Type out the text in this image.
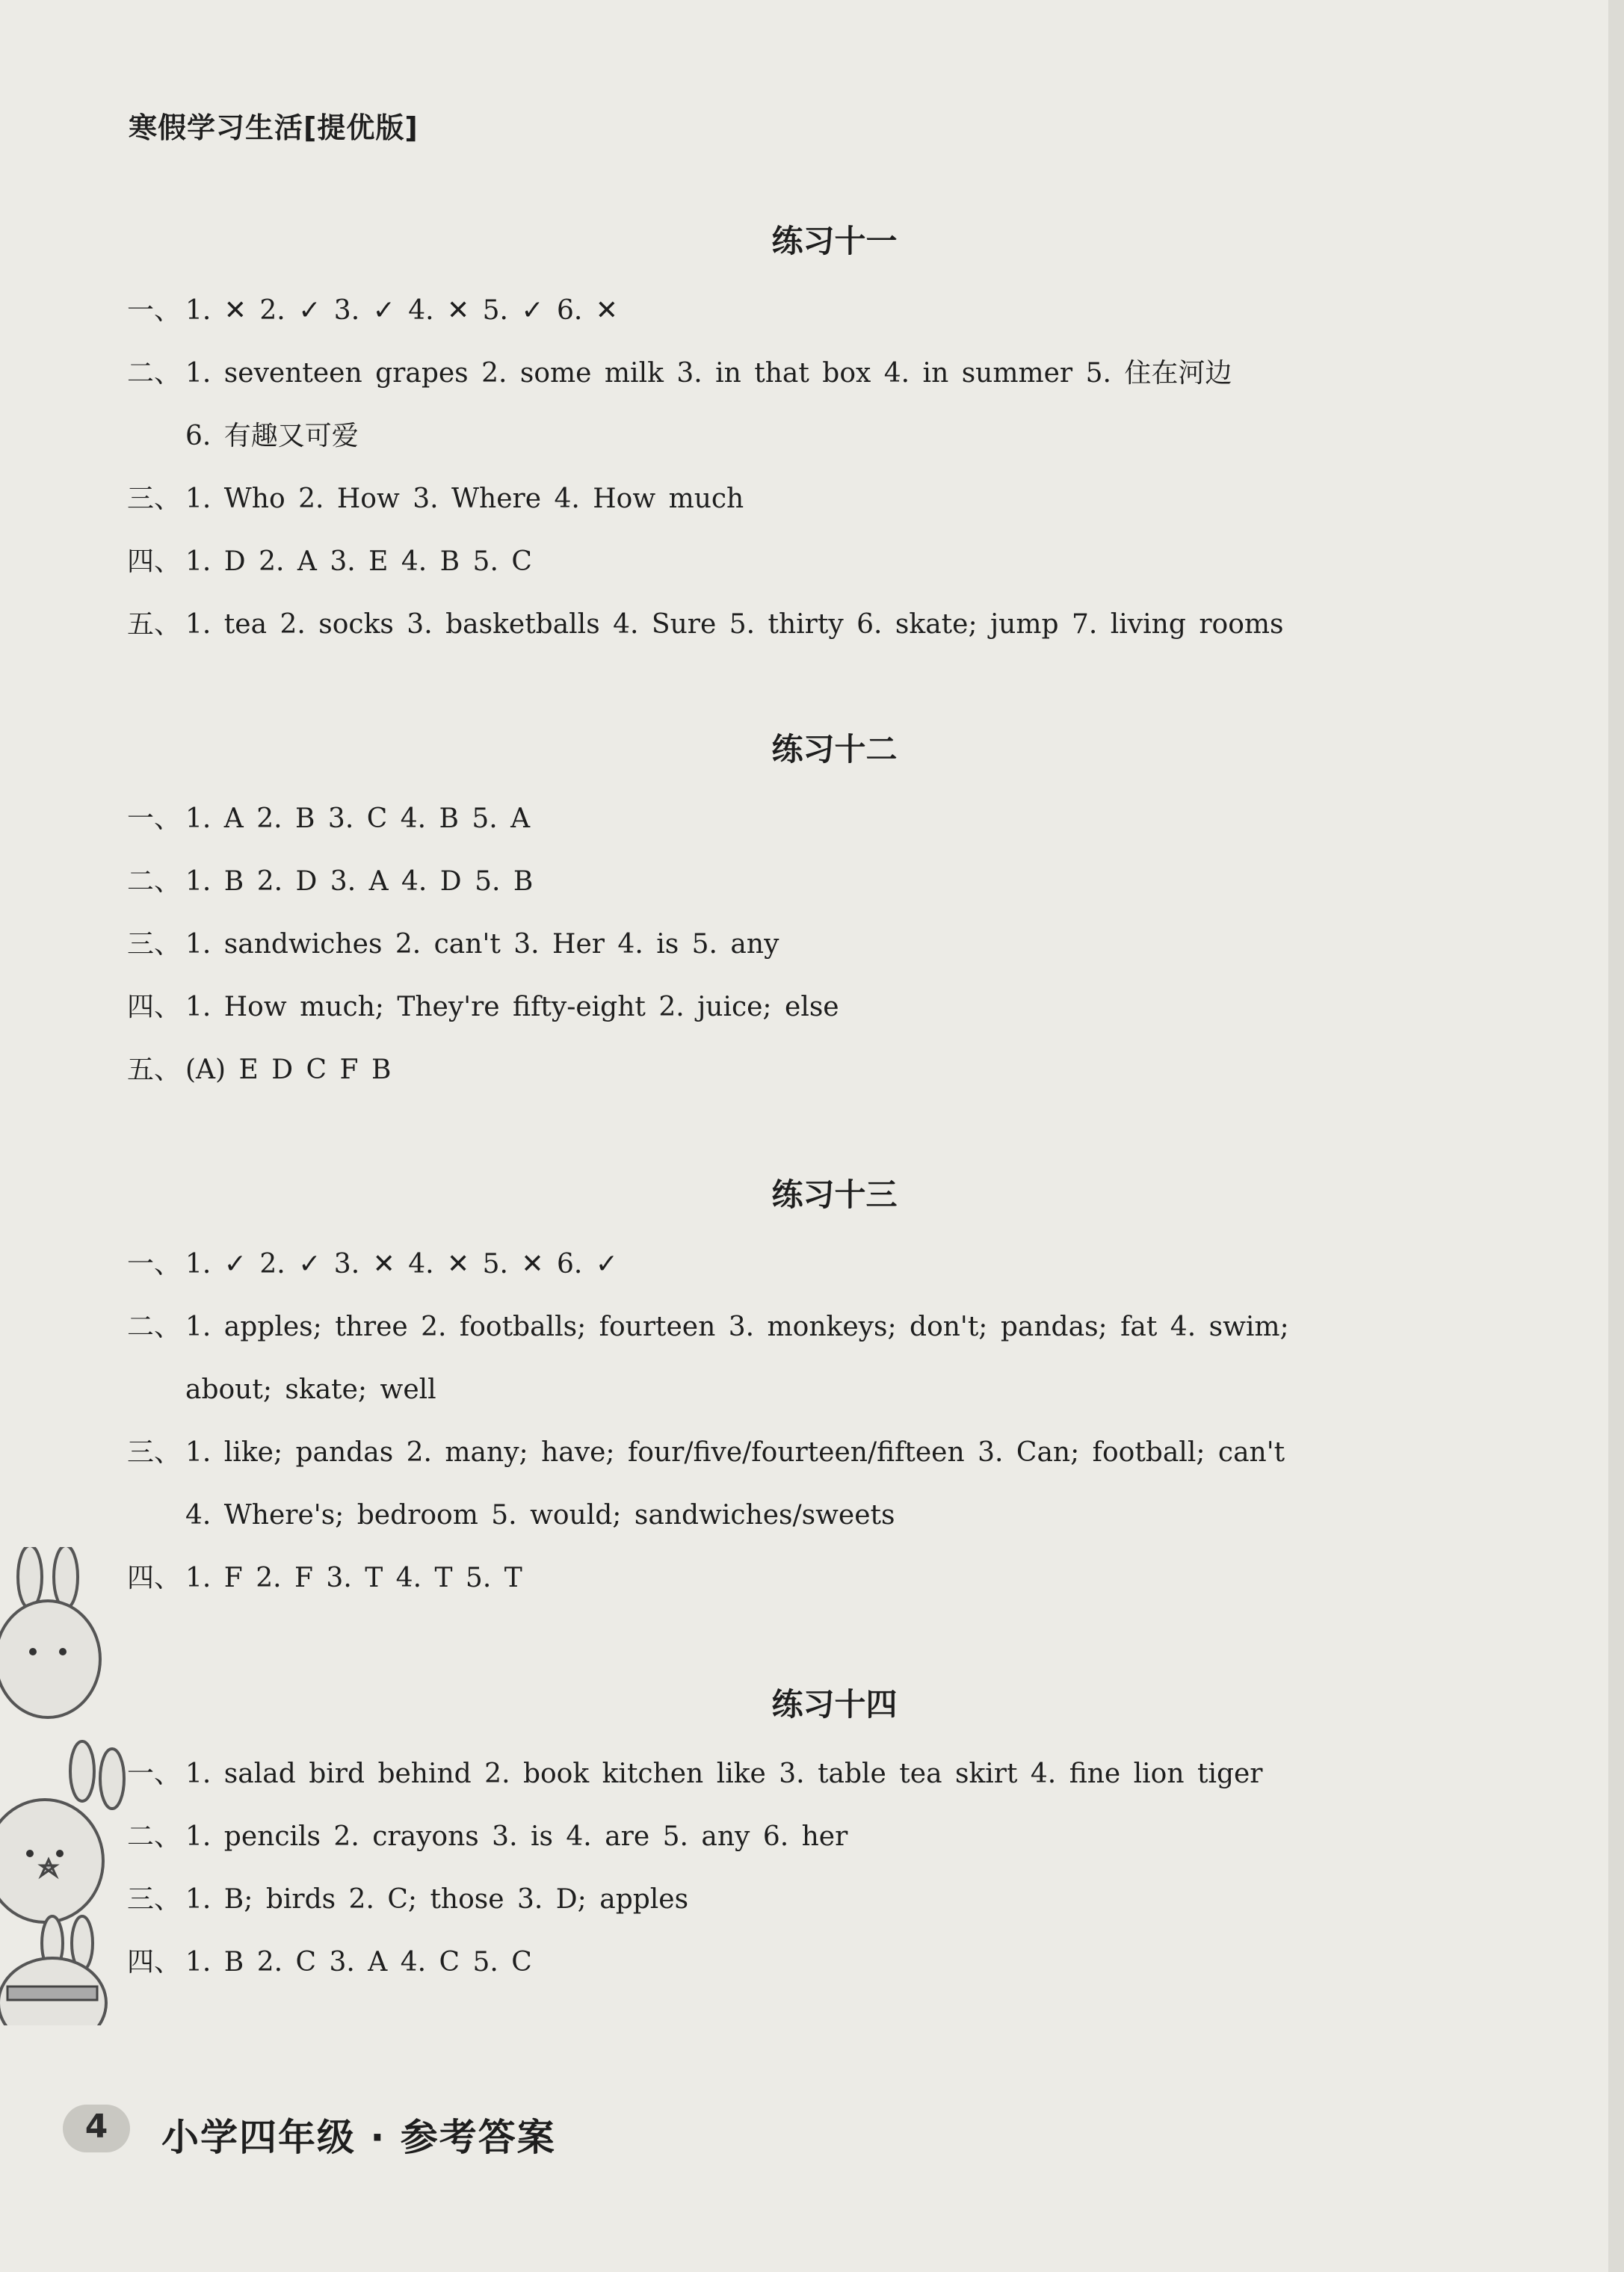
寒假学习生活[提优版]
练习十一
一、 1. ✕ 2. ✓ 3. ✓ 4. ✕ 5. ✓ 6. ✕
二、 1. seventeen grapes 2. some milk 3. in that box 4. in summer 5. 住在河边
6. 有趣又可爱
三、 1. Who 2. How 3. Where 4. How much
四、 1. D 2. A 3. E 4. B 5. C
五、 1. tea 2. socks 3. basketballs 4. Sure 5. thirty 6. skate; jump 7. living rooms
练习十二
一、 1. A 2. B 3. C 4. B 5. A
二、 1. B 2. D 3. A 4. D 5. B
三、 1. sandwiches 2. can't 3. Her 4. is 5. any
四、 1. How much; They're fifty-eight 2. juice; else
五、 (A) E D C F B
练习十三
一、 1. ✓ 2. ✓ 3. ✕ 4. ✕ 5. ✕ 6. ✓
二、 1. apples; three 2. footballs; fourteen 3. monkeys; don't; pandas; fat 4. swim;
about; skate; well
三、 1. like; pandas 2. many; have; four/five/fourteen/fifteen 3. Can; football; can't
4. Where's; bedroom 5. would; sandwiches/sweets
四、 1. F 2. F 3. T 4. T 5. T
练习十四
一、 1. salad bird behind 2. book kitchen like 3. table tea skirt 4. fine lion tiger
二、 1. pencils 2. crayons 3. is 4. are 5. any 6. her
三、 1. B; birds 2. C; those 3. D; apples
四、 1. B 2. C 3. A 4. C 5. C
4	小学四年级 · 参考答案
